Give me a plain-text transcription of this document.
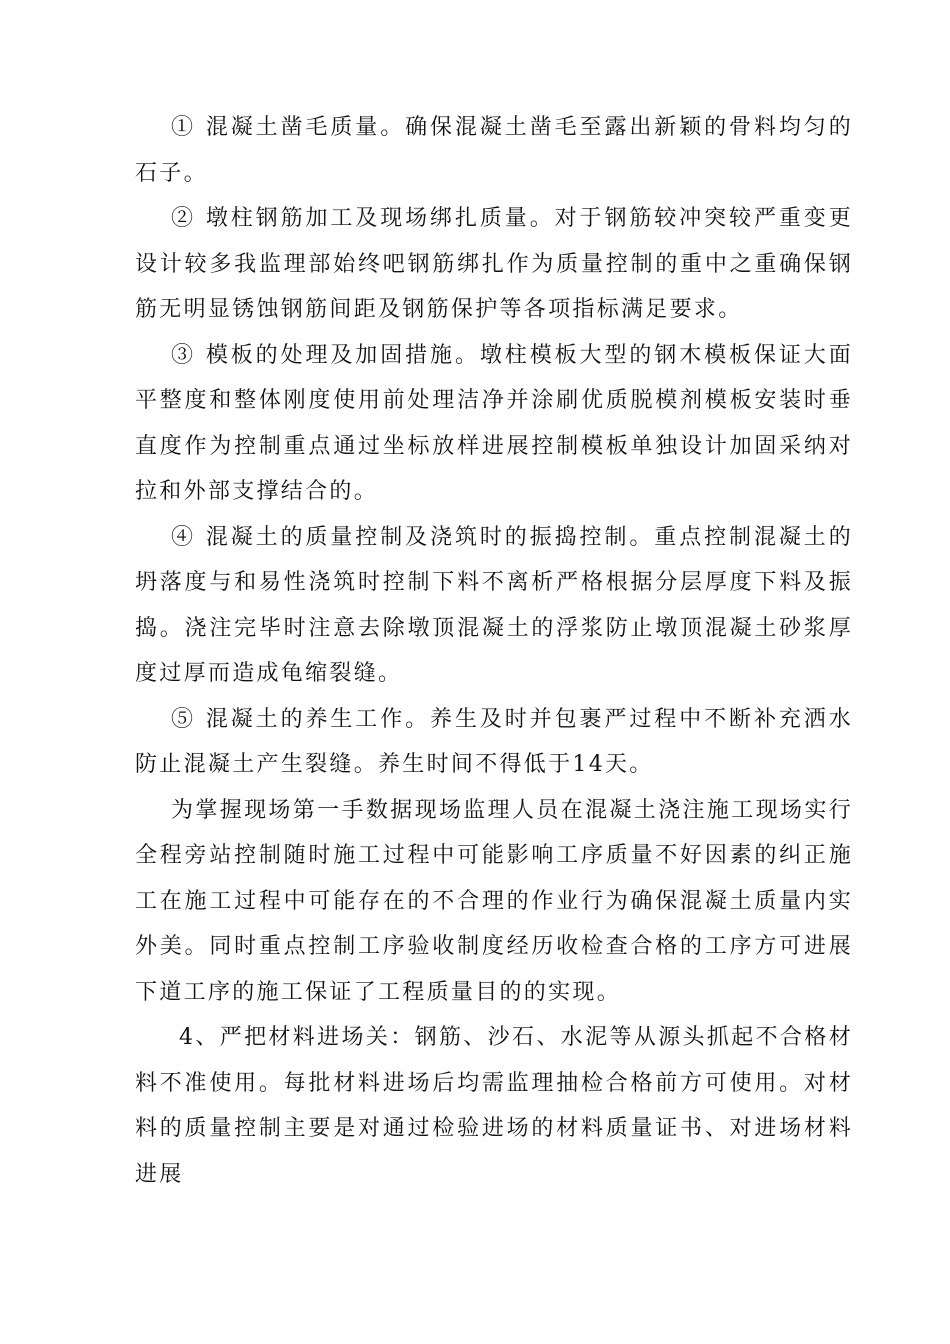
① 混凝土凿毛质量。确保混凝土凿毛至露出新颖的骨料均匀的石子。

② 墩柱钢筋加工及现场绑扎质量。对于钢筋较冲突较严重变更设计较多我监理部始终吧钢筋绑扎作为质量控制的重中之重确保钢筋无明显锈蚀钢筋间距及钢筋保护等各项指标满足要求。

③ 模板的处理及加固措施。墩柱模板大型的钢木模板保证大面平整度和整体刚度使用前处理洁净并涂刷优质脱模剂模板安装时垂直度作为控制重点通过坐标放样进展控制模板单独设计加固采纳对拉和外部支撑结合的。

④ 混凝土的质量控制及浇筑时的振捣控制。重点控制混凝土的坍落度与和易性浇筑时控制下料不离析严格根据分层厚度下料及振捣。浇注完毕时注意去除墩顶混凝土的浮浆防止墩顶混凝土砂浆厚度过厚而造成龟缩裂缝。

⑤ 混凝土的养生工作。养生及时并包裹严过程中不断补充洒水防止混凝土产生裂缝。养生时间不得低于14天。

为掌握现场第一手数据现场监理人员在混凝土浇注施工现场实行全程旁站控制随时施工过程中可能影响工序质量不好因素的纠正施工在施工过程中可能存在的不合理的作业行为确保混凝土质量内实外美。同时重点控制工序验收制度经历收检查合格的工序方可进展下道工序的施工保证了工程质量目的的实现。

4、严把材料进场关：钢筋、沙石、水泥等从源头抓起不合格材料不准使用。每批材料进场后均需监理抽检合格前方可使用。对材料的质量控制主要是对通过检验进场的材料质量证书、对进场材料进展
